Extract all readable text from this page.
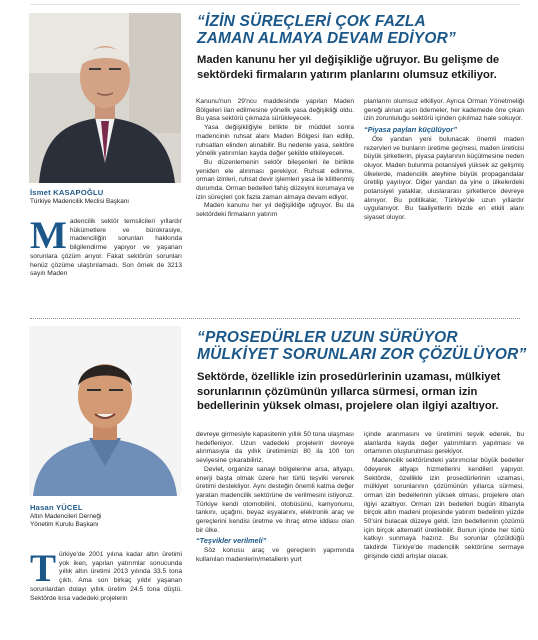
İsmet KASAPOĞLU
Türkiye Madencilik Meclisi Başkanı
“İZİN SÜREÇLERİ ÇOK FAZLA
ZAMAN ALMAYA DEVAM EDİYOR”
Maden kanunu her yıl değişikliğe uğruyor. Bu gelişme de sektördeki firmaların yatırım planlarını olumsuz etkiliyor.
Madencilik sektör temsilcileri yıllardır hükümetlere ve bürokrasiye, madenciliğin sorunları hakkında bilgilendirme yapıyor ve yaşanan sorunlara çözüm arıyor. Fakat sektörün sorunları henüz çözüme ulaştırılamadı. Son örnek de 3213 sayılı Maden

Kanunu'nun 29'ncu maddesinde yapılan Maden Bölgeleri ilan edilmesine yönelik yasa değişikliği oldu. Bu yasa sektörü çıkmaza sürükleyecek.

Yasa değişikliğiyle birlikte bir müddet sonra madencinin ruhsat alanı Maden Bölgesi ilan edilip, ruhsatları elinden alınabilir. Bu nedenle yasa, sektöre yönelik yatırımları kayda değer şekilde etkileyecek.

Bu düzenlemenin sektör bileşenleri ile birlikte yeniden ele alınması gerekiyor. Ruhsat edinme, orman izinleri, ruhsat devir işlemleri yasa ile kilitlenmiş durumda. Orman bedelleri fahiş düzeyini korumaya ve izin süreçleri çok fazla zaman almaya devam ediyor.

Maden kanunu her yıl değişikliğe uğruyor. Bu da sektördeki firmaların yatırım

planlarını olumsuz etkiliyor. Ayrıca Orman Yönetmeliği gereği alınan aşırı ödemeler, her kademede öne çıkan izin zorunluluğu sektörü içinden çıkılmaz hale sokuyor.

“Piyasa payları küçülüyor”

Öte yandan yeni bulunacak önemli maden rezervleri ve bunların üretime geçmesi, maden üreticisi büyük şirketlerin, piyasa paylarının küçülmesine neden oluyor. Maden bulunma potansiyeli yüksek az gelişmiş ülkelerde, madencilik aleyhine büyük propagandalar üretilip yayılıyor. Diğer yandan da yine o ülkelerdeki potansiyel yataklar, uluslararası şirketlerce devreye alınıyor. Bu politikalar, Türkiye'de uzun yıllardır uygulanıyor. Bu faaliyetlerin bizde en etkili alanı siyaset oluyor.

Hasan YÜCEL
Altın Madencileri Derneği
Yönetim Kurulu Başkanı
“PROSEDÜRLER UZUN SÜRÜYOR
MÜLKİYET SORUNLARI ZOR ÇÖZÜLÜYOR”
Sektörde, özellikle izin prosedürlerinin uzaması, mülkiyet sorunlarının çözümünün yıllarca sürmesi, orman izin bedellerinin yüksek olması, projelere olan ilgiyi azaltıyor.
Türkiye'de 2001 yılına kadar altın üretimi yok iken, yapılan yatırımlar sonucunda yıllık altın üretimi 2013 yılında 33.5 tona çıktı. Ama son birkaç yıldır yaşanan sorunlardan dolayı yıllık üretim 24.5 tona düştü. Sektörde kısa vadedeki projelerin

devreye girmesiyle kapasitenin yıllık 50 tona ulaşması hedefleniyor. Uzun vadedeki projelerin devreye alınmasıyla da yıllık üretimimizi 80 ila 100 ton seviyesine çıkarabiliriz.

Devlet, organize sanayi bölgelerine arsa, altyapı, enerji başta olmak üzere her türlü teşviki vererek üretimi destekliyor. Aynı desteğin önemli katma değer yaratan madencilik sektörüne de verilmesini istiyoruz. Türkiye kendi otomobilini, otobüsünü, kamyonunu, tankını, uçağını, beyaz eşyalarını, elektronik araç ve gereçlerini kendisi üretme ve ihraç etme iddiası olan bir ülke.

“Teşvikler verilmeli”

Söz konusu araç ve gereçlerin yapımında kullanılan madenlerin/metallerin yurt

içinde aranmasını ve üretimini teşvik ederek, bu alanlarda kayda değer yatırımların yapılması ve ortamının oluşturulması gerekiyor.

Madencilik sektöründeki yatırımcılar büyük bedeller ödeyerek altyapı hizmetlerini kendileri yapıyor. Sektörde, özellikle izin prosedürlerinin uzaması, mülkiyet sorunlarının çözümünün yıllarca sürmesi, orman izin bedellerinin yüksek olması, projelere olan ilgiyi azaltıyor. Orman izin bedelleri bugün itibarıyla birçok altın madeni projesinde yatırım bedelinin yüzde 50'sini bulacak düzeye geldi. İzin bedellerinin çözümü için birçok alternatif üretilebilir. Bunun içinde her türlü katkıyı sunmaya hazırız. Bu sorunlar çözüldüğü takdirde Türkiye'de madencilik sektörüne sermaye girişinde ciddi artışlar olacak.
